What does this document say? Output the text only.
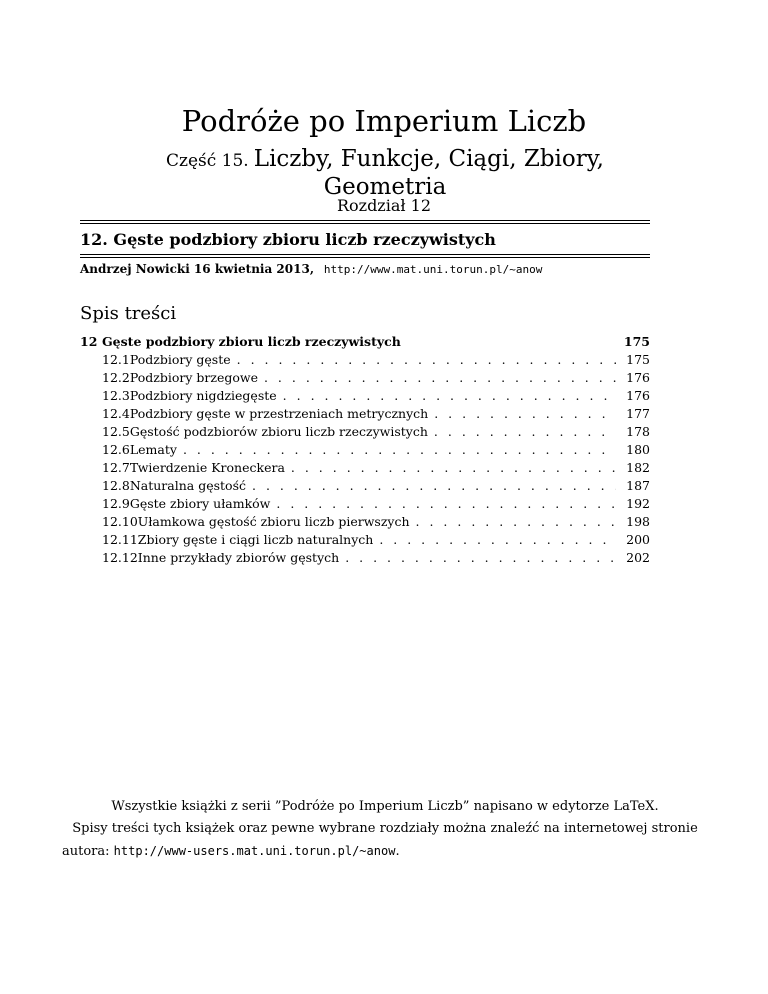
Podróże po Imperium Liczb
Część 15. Liczby, Funkcje, Ciągi, Zbiory, Geometria
Rozdział 12
12. Gęste podzbiory zbioru liczb rzeczywistych
Andrzej Nowicki 16 kwietnia 2013, http://www.mat.uni.torun.pl/~anow
Spis treści
12 Gęste podzbiory zbioru liczb rzeczywistych	175
12.1 Podzbiory gęste . . .	175
12.2 Podzbiory brzegowe . . .	176
12.3 Podzbiory nigdziegęste . . .	176
12.4 Podzbiory gęste w przestrzeniach metrycznych . . .	177
12.5 Gęstość podzbiorów zbioru liczb rzeczywistych . . .	178
12.6 Lematy . . .	180
12.7 Twierdzenie Kroneckera . . .	182
12.8 Naturalna gęstość . . .	187
12.9 Gęste zbiory ułamków . . .	192
12.10 Ułamkowa gęstość zbioru liczb pierwszych . . .	198
12.11 Zbiory gęste i ciągi liczb naturalnych . . .	200
12.12 Inne przykłady zbiorów gęstych . . .	202
Wszystkie książki z serii ”Podróże po Imperium Liczb” napisano w edytorze LaTeX.
Spisy treści tych książek oraz pewne wybrane rozdziały można znaleźć na internetowej stronie
autora: http://www-users.mat.uni.torun.pl/~anow.
